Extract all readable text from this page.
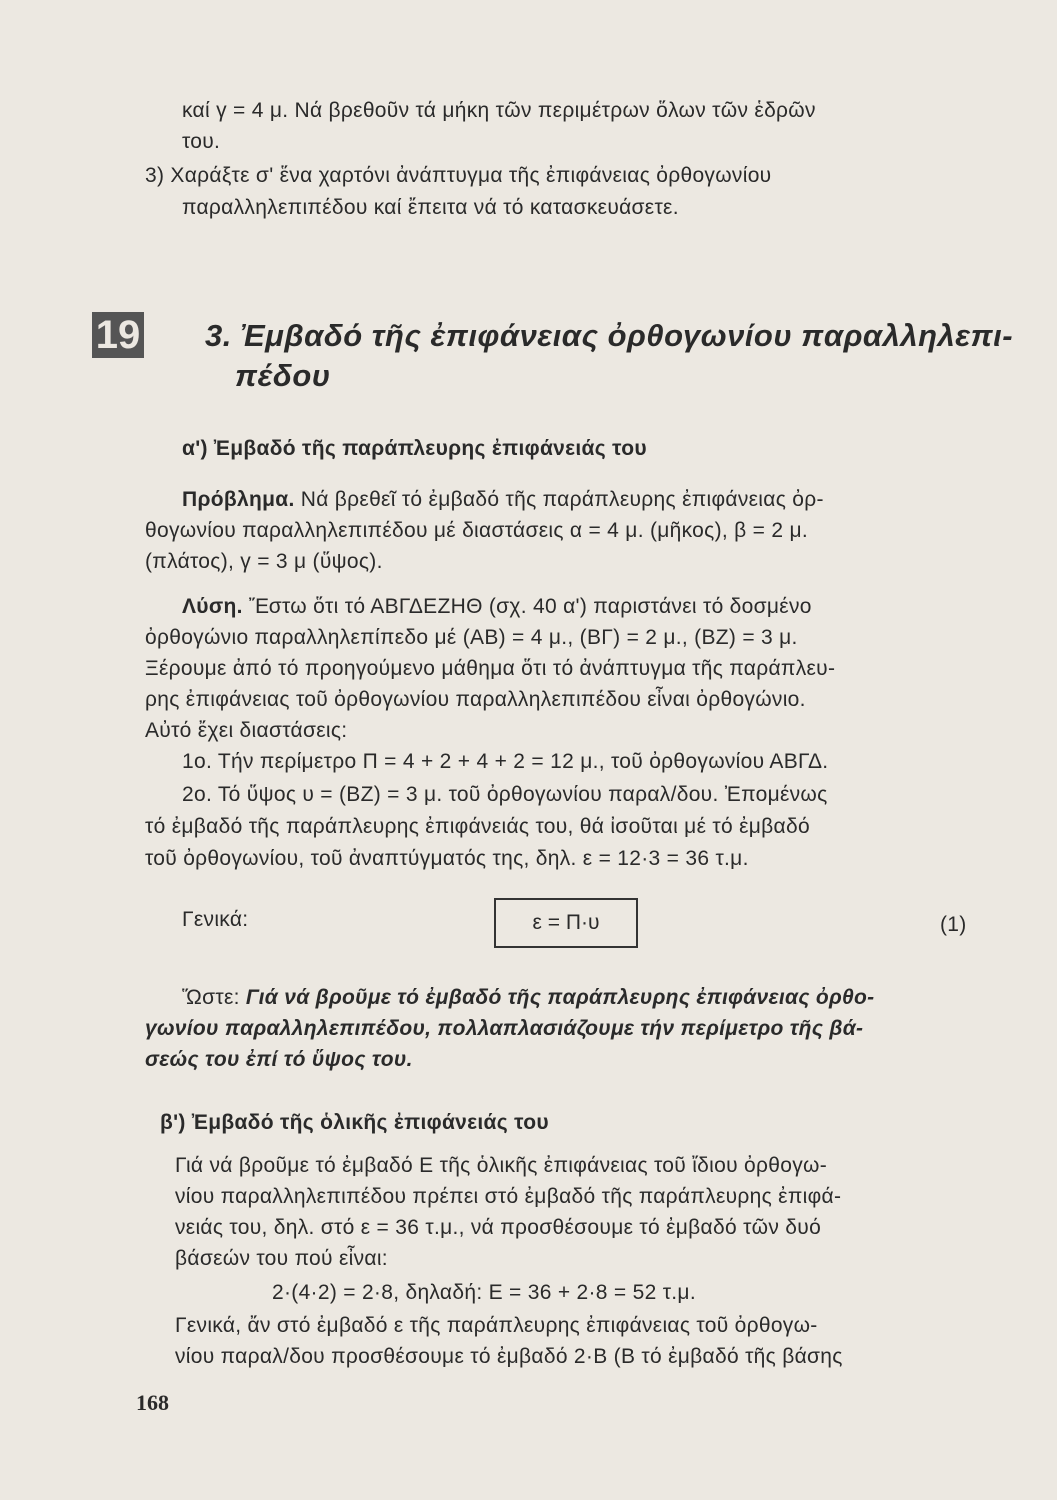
καί γ = 4 μ. Νά βρεθοῦν τά μήκη τῶν περιμέτρων ὅλων τῶν ἑδρῶν

του.

3) Χαράξτε σ' ἕνα χαρτόνι ἀνάπτυγμα τῆς ἐπιφάνειας ὀρθογωνίου

παραλληλεπιπέδου καί ἔπειτα νά τό κατασκευάσετε.

19 3. Ἐμβαδό τῆς ἐπιφάνειας ὀρθογωνίου παραλληλεπι-
πέδου

α') Ἐμβαδό τῆς παράπλευρης ἐπιφάνειάς του

Πρόβλημα. Νά βρεθεῖ τό ἐμβαδό τῆς παράπλευρης ἐπιφάνειας ὀρ-

θογωνίου παραλληλεπιπέδου μέ διαστάσεις α = 4 μ. (μῆκος), β = 2 μ.

(πλάτος), γ = 3 μ (ὕψος).

Λύση. Ἔστω ὅτι τό ΑΒΓΔΕΖΗΘ (σχ. 40 α') παριστάνει τό δοσμένο

ὀρθογώνιο παραλληλεπίπεδο μέ (ΑΒ) = 4 μ., (ΒΓ) = 2 μ., (ΒΖ) = 3 μ.

Ξέρουμε ἀπό τό προηγούμενο μάθημα ὅτι τό ἀνάπτυγμα τῆς παράπλευ-

ρης ἐπιφάνειας τοῦ ὀρθογωνίου παραλληλεπιπέδου εἶναι ὀρθογώνιο.

Αὐτό ἔχει διαστάσεις:

1ο. Τήν περίμετρο Π = 4 + 2 + 4 + 2 = 12 μ., τοῦ ὀρθογωνίου ΑΒΓΔ.

2ο. Τό ὕψος υ = (ΒΖ) = 3 μ. τοῦ ὀρθογωνίου παραλ/δου. Ἐπομένως

τό ἐμβαδό τῆς παράπλευρης ἐπιφάνειάς του, θά ἰσοῦται μέ τό ἐμβαδό

τοῦ ὀρθογωνίου, τοῦ ἀναπτύγματός της, δηλ. ε = 12·3 = 36 τ.μ.

Γενικά:	ε = Π·υ	(1)

Ὥστε: Γιά νά βροῦμε τό ἐμβαδό τῆς παράπλευρης ἐπιφάνειας ὀρθο-

γωνίου παραλληλεπιπέδου, πολλαπλασιάζουμε τήν περίμετρο τῆς βά-

σεώς του ἐπί τό ὕψος του.

β') Ἐμβαδό τῆς ὁλικῆς ἐπιφάνειάς του

Γιά νά βροῦμε τό ἐμβαδό Ε τῆς ὁλικῆς ἐπιφάνειας τοῦ ἴδιου ὀρθογω-

νίου παραλληλεπιπέδου πρέπει στό ἐμβαδό τῆς παράπλευρης ἐπιφά-

νειάς του, δηλ. στό ε = 36 τ.μ., νά προσθέσουμε τό ἐμβαδό τῶν δυό

βάσεών του πού εἶναι:

2·(4·2) = 2·8, δηλαδή: Ε = 36 + 2·8 = 52 τ.μ.

Γενικά, ἄν στό ἐμβαδό ε τῆς παράπλευρης ἐπιφάνειας τοῦ ὀρθογω-

νίου παραλ/δου προσθέσουμε τό ἐμβαδό 2·Β (Β τό ἐμβαδό τῆς βάσης

168
